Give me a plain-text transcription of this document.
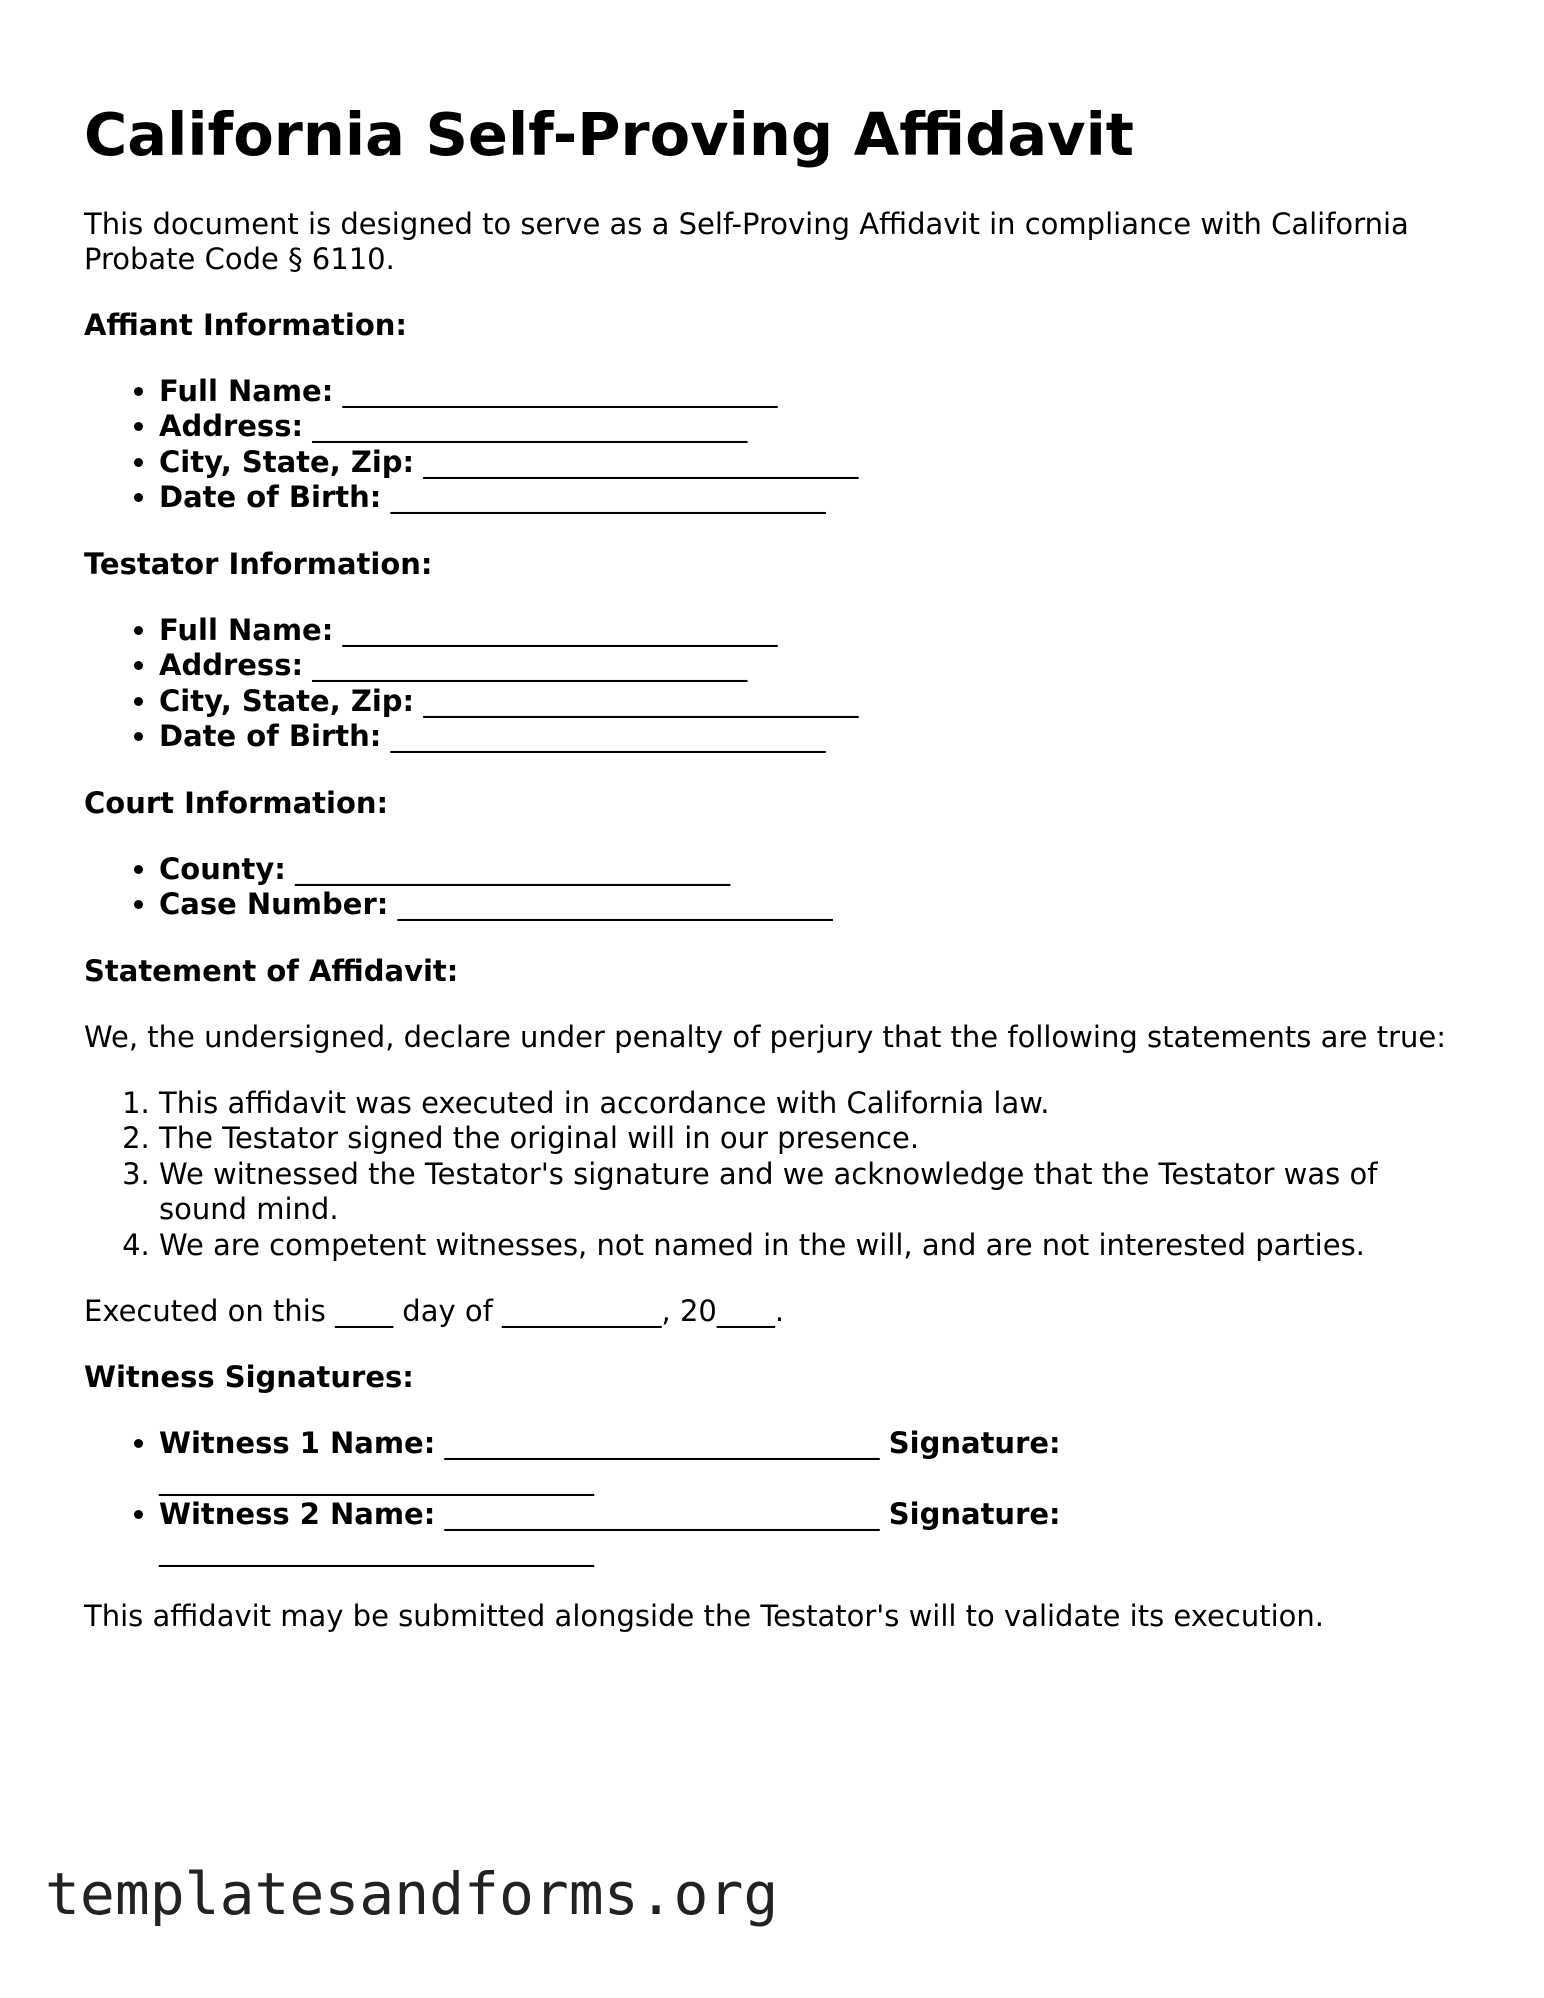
California Self-Proving Affidavit

This document is designed to serve as a Self-Proving Affidavit in compliance with California Probate Code § 6110.

Affiant Information:
• Full Name: ______________________________
• Address: ______________________________
• City, State, Zip: ______________________________
• Date of Birth: ______________________________
Testator Information:
• Full Name: ______________________________
• Address: ______________________________
• City, State, Zip: ______________________________
• Date of Birth: ______________________________
Court Information:
• County: ______________________________
• Case Number: ______________________________
Statement of Affidavit:

We, the undersigned, declare under penalty of perjury that the following statements are true:

1. This affidavit was executed in accordance with California law.
2. The Testator signed the original will in our presence.
3. We witnessed the Testator's signature and we acknowledge that the Testator was of sound mind.
4. We are competent witnesses, not named in the will, and are not interested parties.

Executed on this ____ day of ___________, 20____.

Witness Signatures:
• Witness 1 Name: ______________________________ Signature: ______________________________
• Witness 2 Name: ______________________________ Signature: ______________________________

This affidavit may be submitted alongside the Testator's will to validate its execution.

templatesandforms.org
